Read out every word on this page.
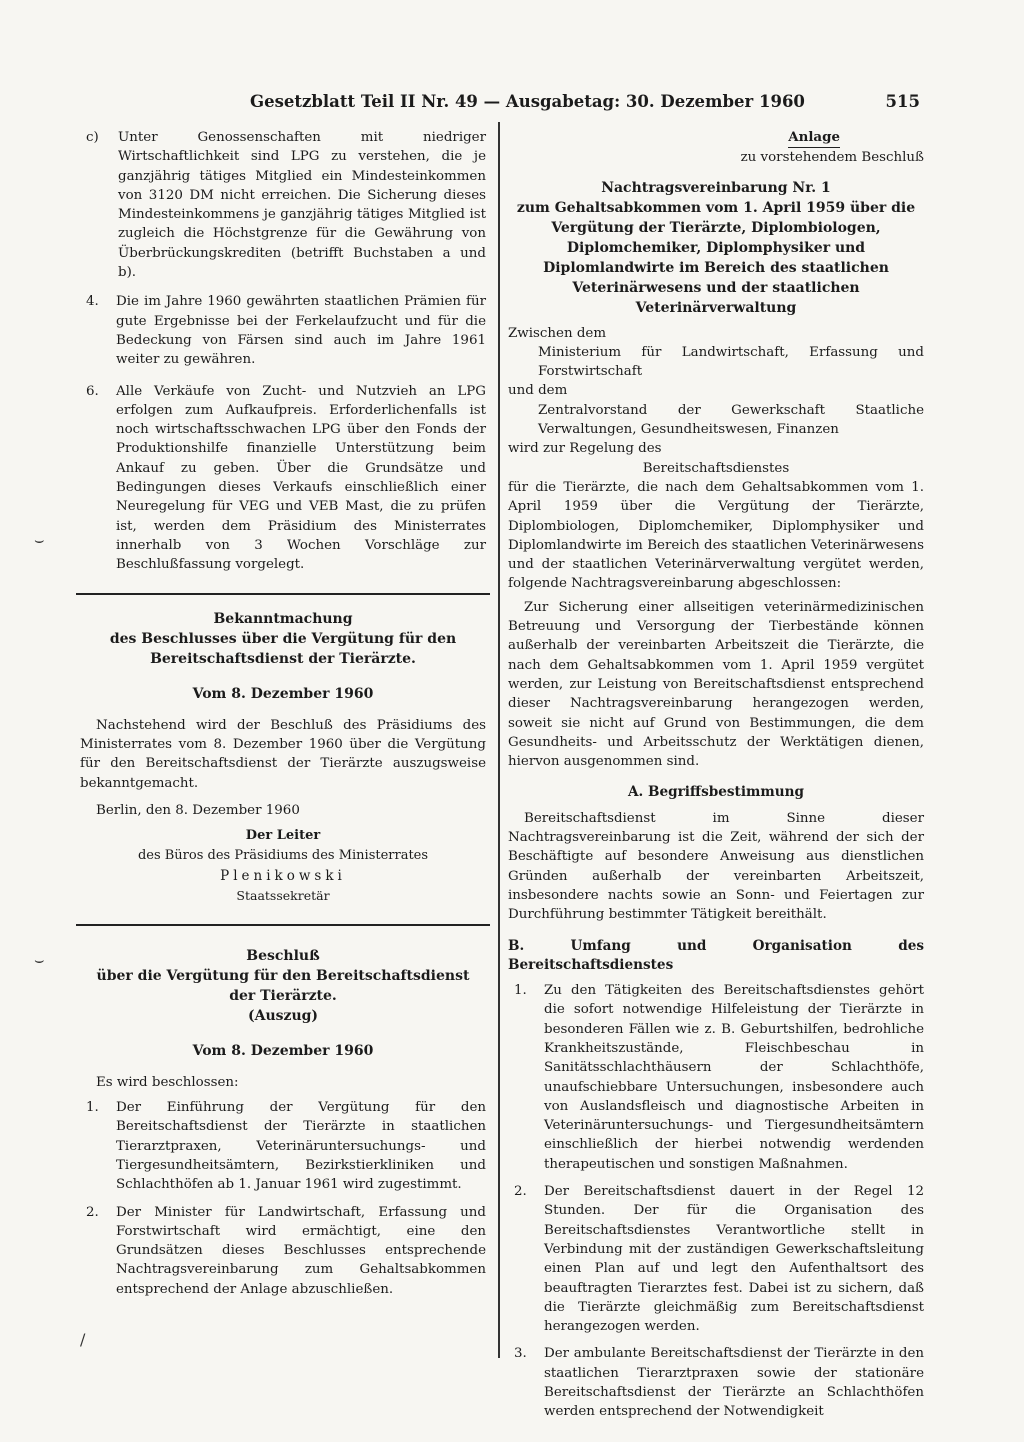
Gesetzblatt Teil II Nr. 49 — Ausgabetag: 30. Dezember 1960	515
c) Unter Genossenschaften mit niedriger Wirtschaftlichkeit sind LPG zu verstehen, die je ganzjährig tätiges Mitglied ein Mindesteinkommen von 3120 DM nicht erreichen. Die Sicherung dieses Mindesteinkommens je ganzjährig tätiges Mitglied ist zugleich die Höchstgrenze für die Gewährung von Überbrückungskrediten (betrifft Buchstaben a und b).

4. Die im Jahre 1960 gewährten staatlichen Prämien für gute Ergebnisse bei der Ferkelaufzucht und für die Bedeckung von Färsen sind auch im Jahre 1961 weiter zu gewähren.

6. Alle Verkäufe von Zucht- und Nutzvieh an LPG erfolgen zum Aufkaufpreis. Erforderlichenfalls ist noch wirtschaftsschwachen LPG über den Fonds der Produktionshilfe finanzielle Unterstützung beim Ankauf zu geben. Über die Grundsätze und Bedingungen dieses Verkaufs einschließlich einer Neuregelung für VEG und VEB Mast, die zu prüfen ist, werden dem Präsidium des Ministerrates innerhalb von 3 Wochen Vorschläge zur Beschlußfassung vorgelegt.

Bekanntmachung
des Beschlusses über die Vergütung für den Bereitschaftsdienst der Tierärzte.
Vom 8. Dezember 1960

Nachstehend wird der Beschluß des Präsidiums des Ministerrates vom 8. Dezember 1960 über die Vergütung für den Bereitschaftsdienst der Tierärzte auszugsweise bekanntgemacht.

Berlin, den 8. Dezember 1960

Der Leiter
des Büros des Präsidiums des Ministerrates
Plenikowski
Staatssekretär
Beschluß
über die Vergütung für den Bereitschaftsdienst
der Tierärzte.
(Auszug)
Vom 8. Dezember 1960

Es wird beschlossen:

1. Der Einführung der Vergütung für den Bereitschaftsdienst der Tierärzte in staatlichen Tierarztpraxen, Veterinäruntersuchungs- und Tiergesundheitsämtern, Bezirkstierkliniken und Schlachthöfen ab 1. Januar 1961 wird zugestimmt.

2. Der Minister für Landwirtschaft, Erfassung und Forstwirtschaft wird ermächtigt, eine den Grundsätzen dieses Beschlusses entsprechende Nachtragsvereinbarung zum Gehaltsabkommen entsprechend der Anlage abzuschließen.

Anlage
zu vorstehendem Beschluß
Nachtragsvereinbarung Nr. 1
zum Gehaltsabkommen vom 1. April 1959 über die Vergütung der Tierärzte, Diplombiologen, Diplomchemiker, Diplomphysiker und Diplomlandwirte im Bereich des staatlichen Veterinärwesens und der staatlichen Veterinärverwaltung

Zwischen dem

Ministerium für Landwirtschaft, Erfassung und Forstwirtschaft

und dem

Zentralvorstand der Gewerkschaft Staatliche Verwaltungen, Gesundheitswesen, Finanzen

wird zur Regelung des

Bereitschaftsdienstes

für die Tierärzte, die nach dem Gehaltsabkommen vom 1. April 1959 über die Vergütung der Tierärzte, Diplombiologen, Diplomchemiker, Diplomphysiker und Diplomlandwirte im Bereich des staatlichen Veterinärwesens und der staatlichen Veterinärverwaltung vergütet werden, folgende Nachtragsvereinbarung abgeschlossen:

Zur Sicherung einer allseitigen veterinärmedizinischen Betreuung und Versorgung der Tierbestände können außerhalb der vereinbarten Arbeitszeit die Tierärzte, die nach dem Gehaltsabkommen vom 1. April 1959 vergütet werden, zur Leistung von Bereitschaftsdienst entsprechend dieser Nachtragsvereinbarung herangezogen werden, soweit sie nicht auf Grund von Bestimmungen, die dem Gesundheits- und Arbeitsschutz der Werktätigen dienen, hiervon ausgenommen sind.

A. Begriffsbestimmung

Bereitschaftsdienst im Sinne dieser Nachtragsvereinbarung ist die Zeit, während der sich der Beschäftigte auf besondere Anweisung aus dienstlichen Gründen außerhalb der vereinbarten Arbeitszeit, insbesondere nachts sowie an Sonn- und Feiertagen zur Durchführung bestimmter Tätigkeit bereithält.

B. Umfang und Organisation des Bereitschaftsdienstes
1. Zu den Tätigkeiten des Bereitschaftsdienstes gehört die sofort notwendige Hilfeleistung der Tierärzte in besonderen Fällen wie z. B. Geburtshilfen, bedrohliche Krankheitszustände, Fleischbeschau in Sanitätsschlachthäusern der Schlachthöfe, unaufschiebbare Untersuchungen, insbesondere auch von Auslandsfleisch und diagnostische Arbeiten in Veterinäruntersuchungs- und Tiergesundheitsämtern einschließlich der hierbei notwendig werdenden therapeutischen und sonstigen Maßnahmen.

2. Der Bereitschaftsdienst dauert in der Regel 12 Stunden. Der für die Organisation des Bereitschaftsdienstes Verantwortliche stellt in Verbindung mit der zuständigen Gewerkschaftsleitung einen Plan auf und legt den Aufenthaltsort des beauftragten Tierarztes fest. Dabei ist zu sichern, daß die Tierärzte gleichmäßig zum Bereitschaftsdienst herangezogen werden.

3. Der ambulante Bereitschaftsdienst der Tierärzte in den staatlichen Tierarztpraxen sowie der stationäre Bereitschaftsdienst der Tierärzte an Schlachthöfen werden entsprechend der Notwendigkeit

⌣
⌣
/
